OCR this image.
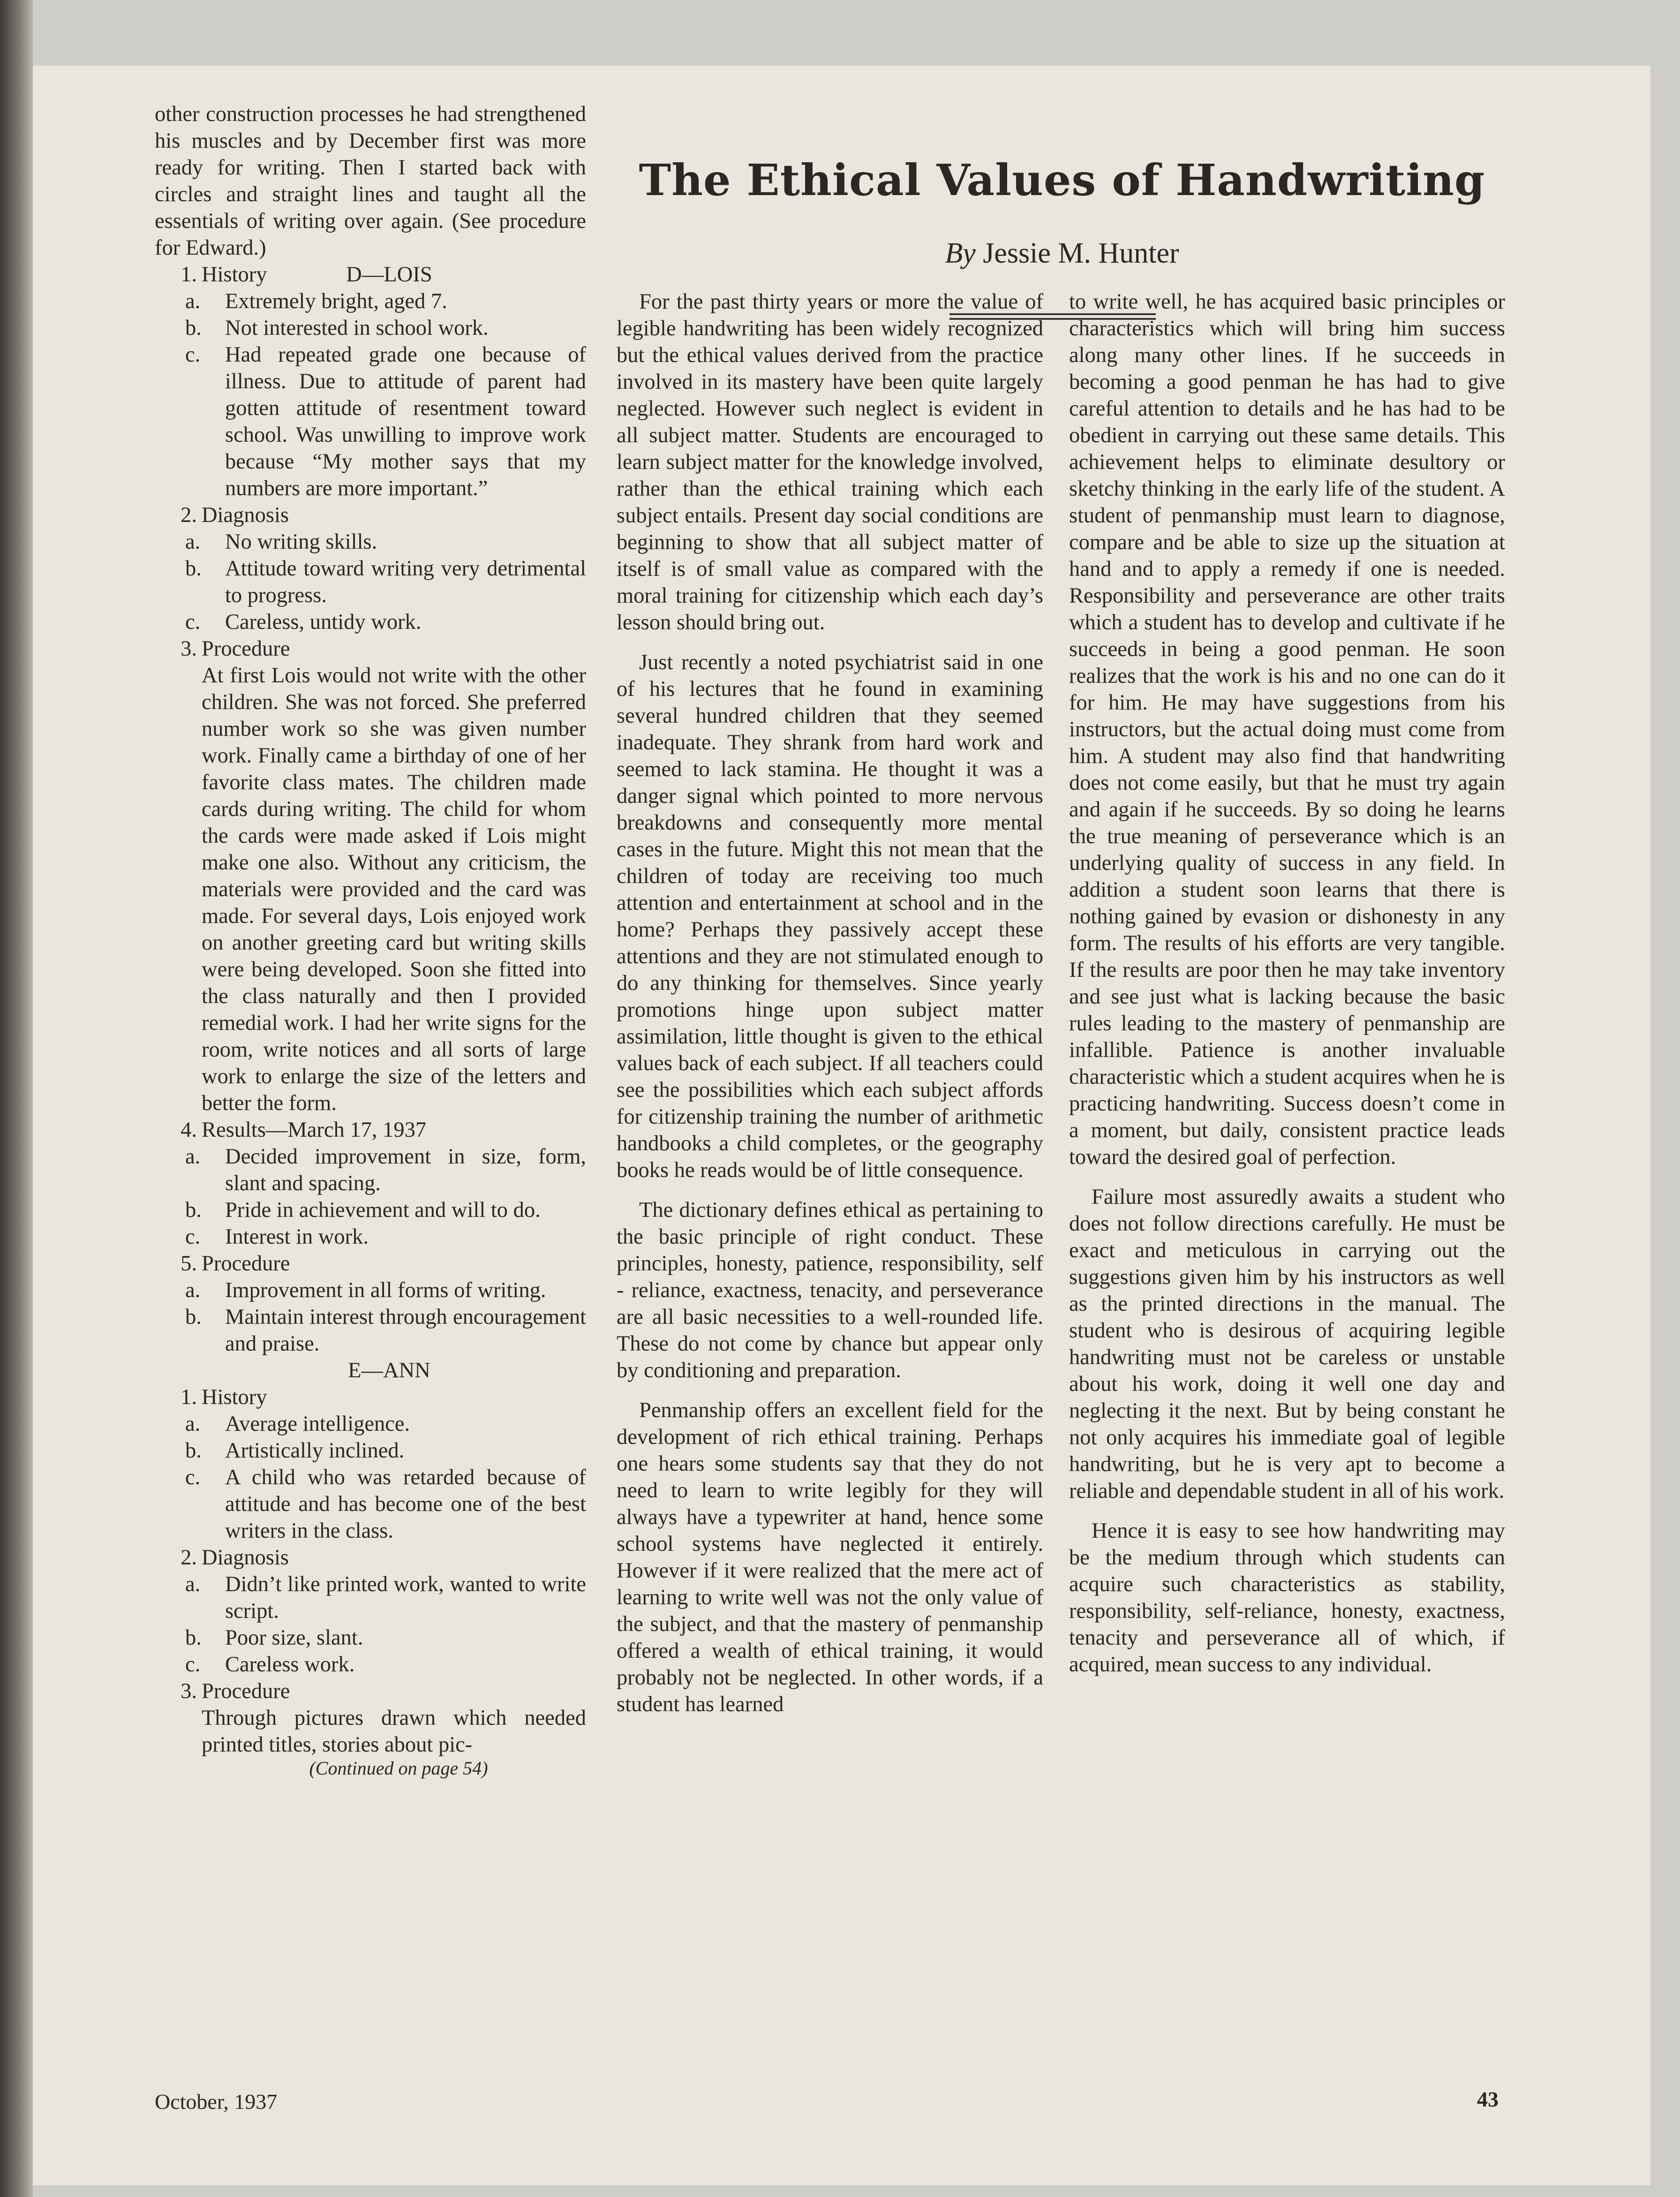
other construction processes he had strengthened his muscles and by December first was more ready for writing. Then I started back with circles and straight lines and taught all the essentials of writing over again. (See procedure for Edward.)

1. History	D—LOIS

a. Extremely bright, aged 7.

b. Not interested in school work.

c. Had repeated grade one because of illness. Due to attitude of parent had gotten attitude of resentment toward school. Was unwilling to improve work because “My mother says that my numbers are more important.”

2. Diagnosis

a. No writing skills.

b. Attitude toward writing very detrimental to progress.

c. Careless, untidy work.

3. Procedure

At first Lois would not write with the other children. She was not forced. She preferred number work so she was given number work. Finally came a birthday of one of her favorite class mates. The children made cards during writing. The child for whom the cards were made asked if Lois might make one also. Without any criticism, the materials were provided and the card was made. For several days, Lois enjoyed work on another greeting card but writing skills were being developed. Soon she fitted into the class naturally and then I provided remedial work. I had her write signs for the room, write notices and all sorts of large work to enlarge the size of the letters and better the form.

4. Results—March 17, 1937

a. Decided improvement in size, form, slant and spacing.

b. Pride in achievement and will to do.

c. Interest in work.

5. Procedure

a. Improvement in all forms of writing.

b. Maintain interest through encouragement and praise.

E—ANN

1. History

a. Average intelligence.

b. Artistically inclined.

c. A child who was retarded because of attitude and has become one of the best writers in the class.

2. Diagnosis

a. Didn’t like printed work, wanted to write script.

b. Poor size, slant.

c. Careless work.

3. Procedure

Through pictures drawn which needed printed titles, stories about pic-

(Continued on page 54)

The Ethical Values of Handwriting
By Jessie M. Hunter

For the past thirty years or more the value of legible handwriting has been widely recognized but the ethical values derived from the practice involved in its mastery have been quite largely neglected. However such neglect is evident in all subject matter. Students are encouraged to learn subject matter for the knowledge involved, rather than the ethical training which each subject entails. Present day social conditions are beginning to show that all subject matter of itself is of small value as compared with the moral training for citizenship which each day’s lesson should bring out.

Just recently a noted psychiatrist said in one of his lectures that he found in examining several hundred children that they seemed inadequate. They shrank from hard work and seemed to lack stamina. He thought it was a danger signal which pointed to more nervous breakdowns and consequently more mental cases in the future. Might this not mean that the children of today are receiving too much attention and entertainment at school and in the home? Perhaps they passively accept these attentions and they are not stimulated enough to do any thinking for themselves. Since yearly promotions hinge upon subject matter assimilation, little thought is given to the ethical values back of each subject. If all teachers could see the possibilities which each subject affords for citizenship training the number of arithmetic handbooks a child completes, or the geography books he reads would be of little consequence.

The dictionary defines ethical as pertaining to the basic principle of right conduct. These principles, honesty, patience, responsibility, self - reliance, exactness, tenacity, and perseverance are all basic necessities to a well-rounded life. These do not come by chance but appear only by conditioning and preparation.

Penmanship offers an excellent field for the development of rich ethical training. Perhaps one hears some students say that they do not need to learn to write legibly for they will always have a typewriter at hand, hence some school systems have neglected it entirely. However if it were realized that the mere act of learning to write well was not the only value of the subject, and that the mastery of penmanship offered a wealth of ethical training, it would probably not be neglected. In other words, if a student has learned

to write well, he has acquired basic principles or characteristics which will bring him success along many other lines. If he succeeds in becoming a good penman he has had to give careful attention to details and he has had to be obedient in carrying out these same details. This achievement helps to eliminate desultory or sketchy thinking in the early life of the student. A student of penmanship must learn to diagnose, compare and be able to size up the situation at hand and to apply a remedy if one is needed. Responsibility and perseverance are other traits which a student has to develop and cultivate if he succeeds in being a good penman. He soon realizes that the work is his and no one can do it for him. He may have suggestions from his instructors, but the actual doing must come from him. A student may also find that handwriting does not come easily, but that he must try again and again if he succeeds. By so doing he learns the true meaning of perseverance which is an underlying quality of success in any field. In addition a student soon learns that there is nothing gained by evasion or dishonesty in any form. The results of his efforts are very tangible. If the results are poor then he may take inventory and see just what is lacking because the basic rules leading to the mastery of penmanship are infallible. Patience is another invaluable characteristic which a student acquires when he is practicing handwriting. Success doesn’t come in a moment, but daily, consistent practice leads toward the desired goal of perfection.

Failure most assuredly awaits a student who does not follow directions carefully. He must be exact and meticulous in carrying out the suggestions given him by his instructors as well as the printed directions in the manual. The student who is desirous of acquiring legible handwriting must not be careless or unstable about his work, doing it well one day and neglecting it the next. But by being constant he not only acquires his immediate goal of legible handwriting, but he is very apt to become a reliable and dependable student in all of his work.

Hence it is easy to see how handwriting may be the medium through which students can acquire such characteristics as stability, responsibility, self-reliance, honesty, exactness, tenacity and perseverance all of which, if acquired, mean success to any individual.

October, 1937	43
